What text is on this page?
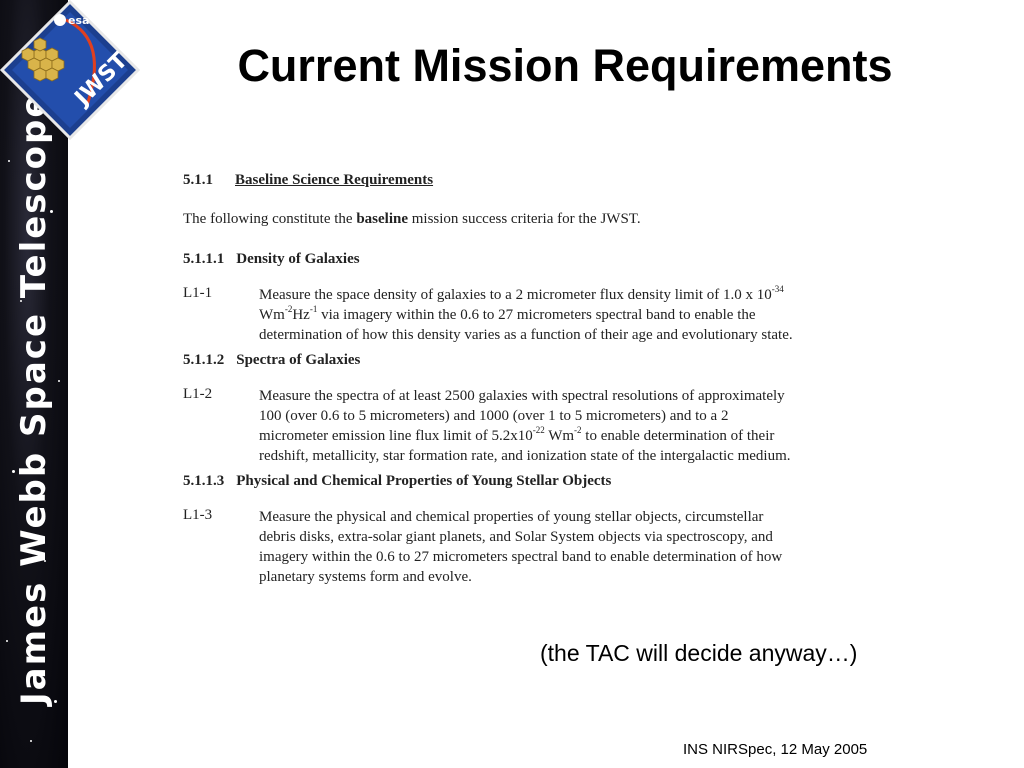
James Webb Space Telescope
esa
JWST	Current Mission Requirements
5.1.1 Baseline Science Requirements
The following constitute the baseline mission success criteria for the JWST.
5.1.1.1 Density of Galaxies
L1-1	Measure the space density of galaxies to a 2 micrometer flux density limit of 1.0 x $10^{-34}$
$Wm^{-2}Hz^{-1}$ via imagery within the 0.6 to 27 micrometers spectral band to enable the
determination of how this density varies as a function of their age and evolutionary state.
5.1.1.2 Spectra of Galaxies
L1-2	Measure the spectra of at least 2500 galaxies with spectral resolutions of approximately
100 (over 0.6 to 5 micrometers) and 1000 (over 1 to 5 micrometers) and to a 2
micrometer emission line flux limit of $5.2x10^{-22}$ $Wm^{-2}$ to enable determination of their
redshift, metallicity, star formation rate, and ionization state of the intergalactic medium.
5.1.1.3 Physical and Chemical Properties of Young Stellar Objects
L1-3	Measure the physical and chemical properties of young stellar objects, circumstellar
debris disks, extra-solar giant planets, and Solar System objects via spectroscopy, and
imagery within the 0.6 to 27 micrometers spectral band to enable determination of how
planetary systems form and evolve.
(the TAC will decide anyway…)
INS NIRSpec, 12 May 2005
